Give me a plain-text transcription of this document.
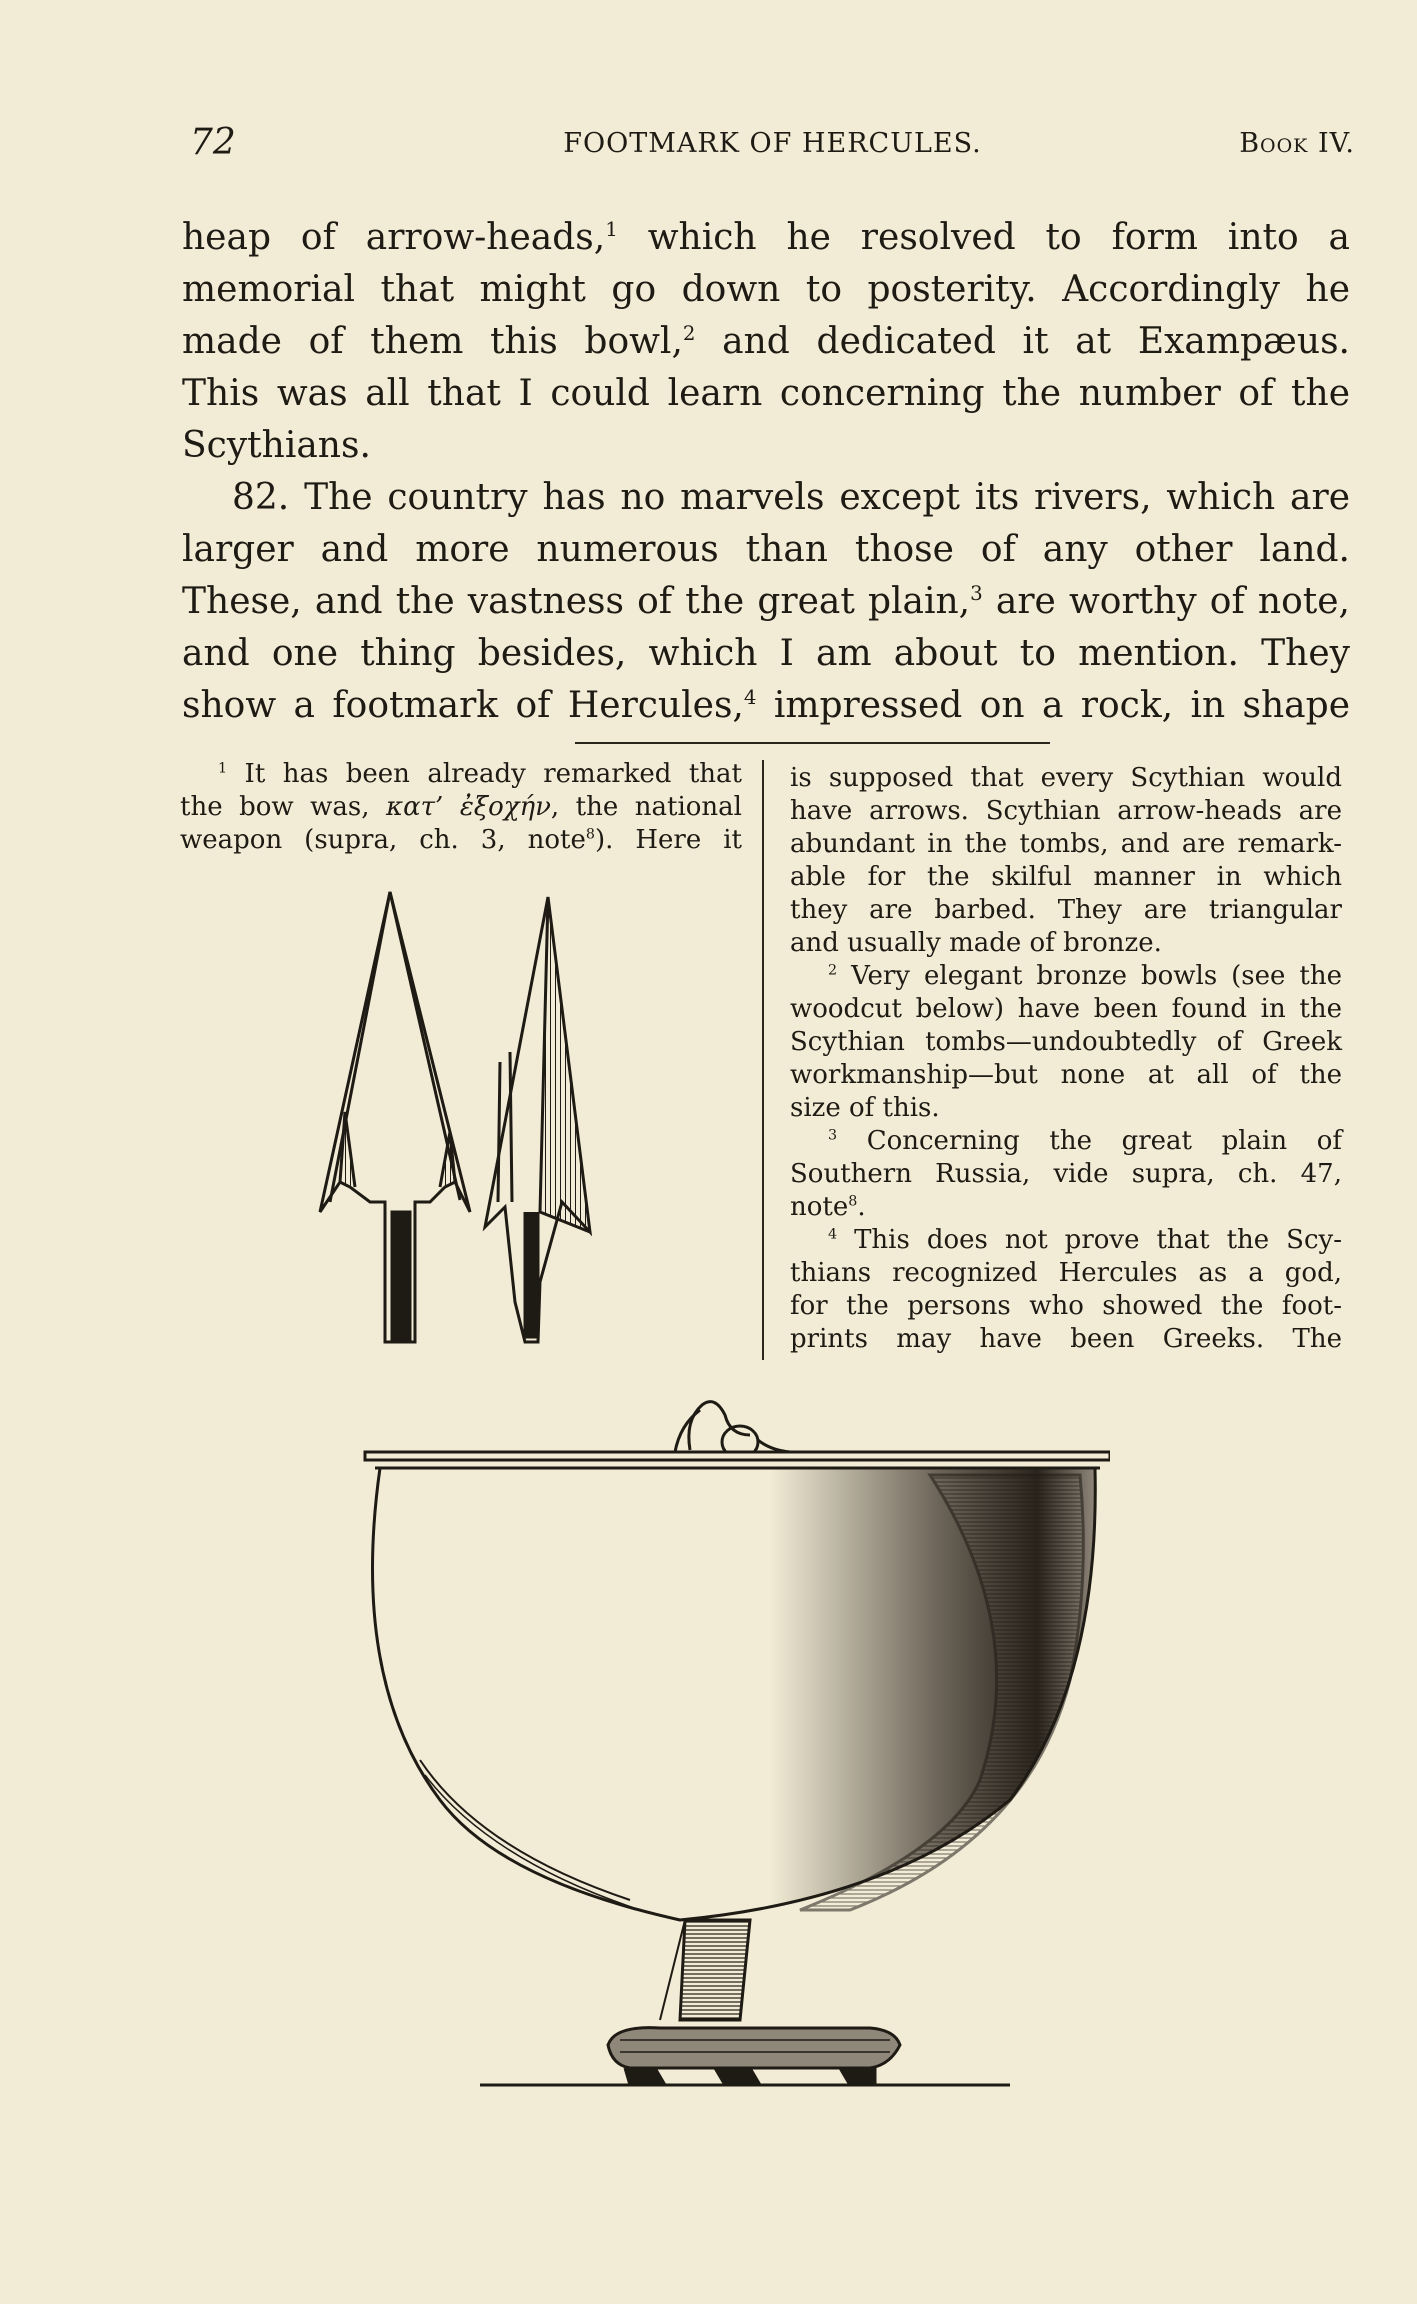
72	FOOTMARK OF HERCULES.	Book IV.

heap of arrow-heads,$^1$ which he resolved to form into a

memorial that might go down to posterity. Accordingly he

made of them this bowl,$^2$ and dedicated it at Exampæus.

This was all that I could learn concerning the number of the

Scythians.

82. The country has no marvels except its rivers, which are

larger and more numerous than those of any other land.

These, and the vastness of the great plain,$^3$ are worthy of note,

and one thing besides, which I am about to mention. They

show a footmark of Hercules,$^4$ impressed on a rock, in shape

$^1$ It has been already remarked that

the bow was, κατ’ ἐξοχήν, the national

weapon (supra, ch. 3, note$^8$). Here it

is supposed that every Scythian would

have arrows. Scythian arrow-heads are

abundant in the tombs, and are remark-

able for the skilful manner in which

they are barbed. They are triangular

and usually made of bronze.

$^2$ Very elegant bronze bowls (see the

woodcut below) have been found in the

Scythian tombs—undoubtedly of Greek

workmanship—but none at all of the

size of this.

$^3$ Concerning the great plain of

Southern Russia, vide supra, ch. 47,

note$^8$.

$^4$ This does not prove that the Scy-

thians recognized Hercules as a god,

for the persons who showed the foot-

prints may have been Greeks. The
